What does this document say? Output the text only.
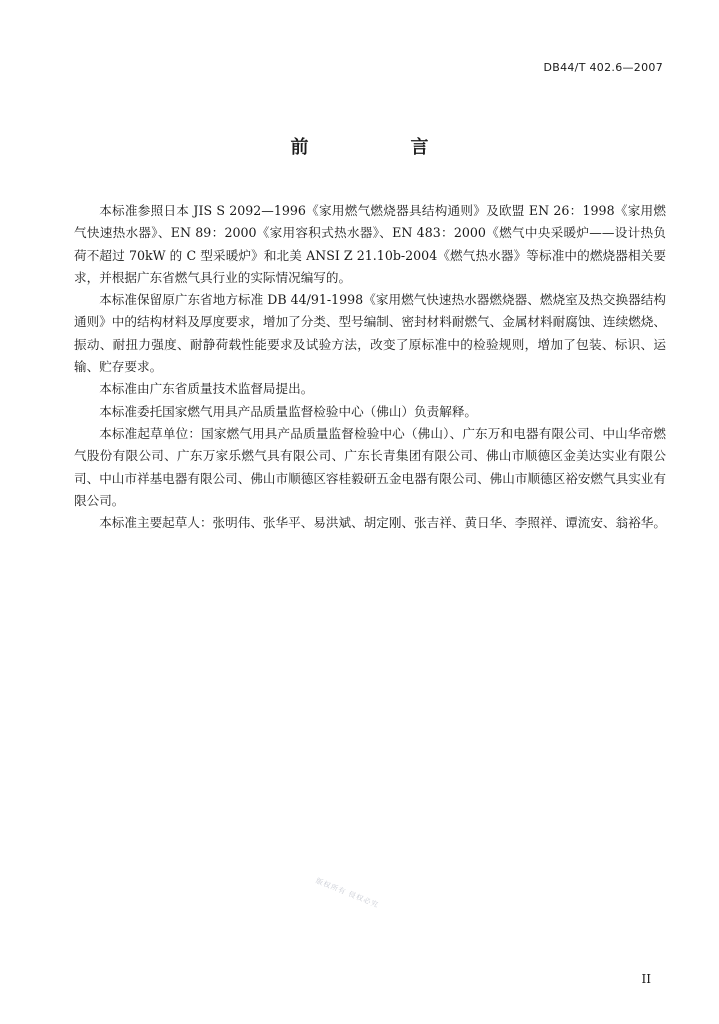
DB44/T 402.6—2007
前　言

本标准参照日本 JIS S 2092—1996《家用燃气燃烧器具结构通则》及欧盟 EN 26：1998《家用燃气快速热水器》、EN 89：2000《家用容积式热水器》、EN 483：2000《燃气中央采暖炉——设计热负荷不超过 70kW 的 C 型采暖炉》和北美 ANSI Z 21.10b-2004《燃气热水器》等标准中的燃烧器相关要求，并根据广东省燃气具行业的实际情况编写的。

本标准保留原广东省地方标准 DB 44/91-1998《家用燃气快速热水器燃烧器、燃烧室及热交换器结构通则》中的结构材料及厚度要求，增加了分类、型号编制、密封材料耐燃气、金属材料耐腐蚀、连续燃烧、振动、耐扭力强度、耐静荷载性能要求及试验方法，改变了原标准中的检验规则，增加了包装、标识、运输、贮存要求。

本标准由广东省质量技术监督局提出。

本标准委托国家燃气用具产品质量监督检验中心（佛山）负责解释。

本标准起草单位：国家燃气用具产品质量监督检验中心（佛山）、广东万和电器有限公司、中山华帝燃气股份有限公司、广东万家乐燃气具有限公司、广东长青集团有限公司、佛山市顺德区金美达实业有限公司、中山市祥基电器有限公司、佛山市顺德区容桂毅研五金电器有限公司、佛山市顺德区裕安燃气具实业有限公司。

本标准主要起草人：张明伟、张华平、易洪斌、胡定刚、张吉祥、黄日华、李照祥、谭流安、翁裕华。

版权所有 侵权必究
II
